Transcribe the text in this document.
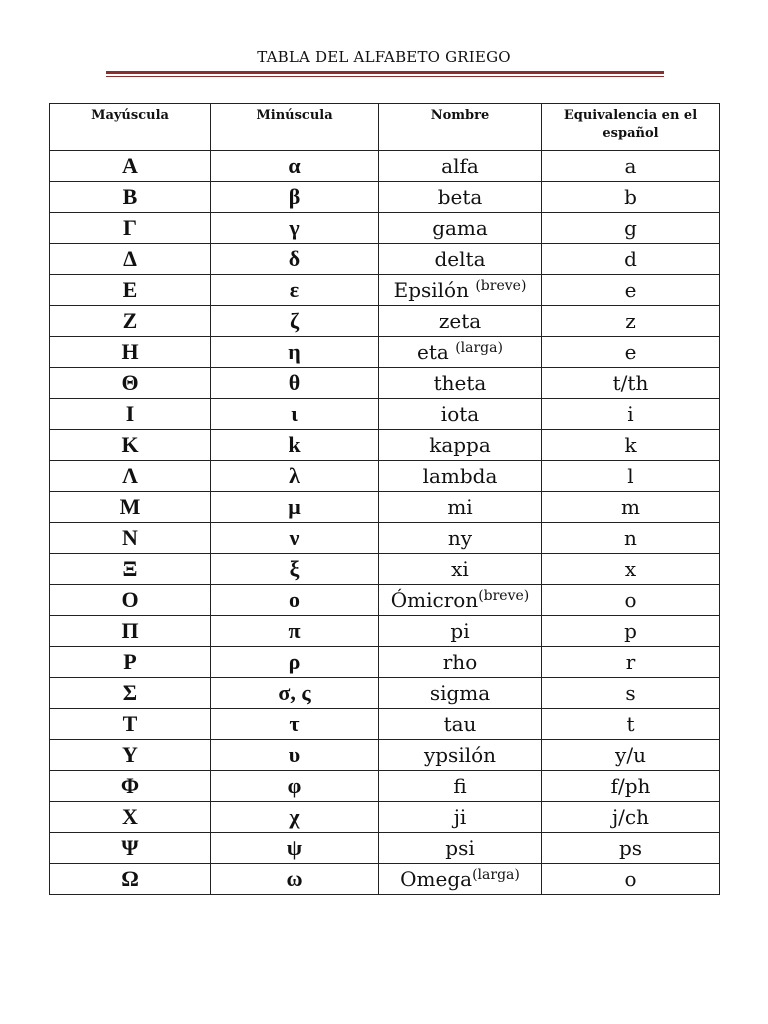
TABLA DEL ALFABETO GRIEGO
Mayúscula	Minúscula	Nombre	Equivalencia en el español
Α	α	alfa	a
Β	β	beta	b
Γ	γ	gama	g
Δ	δ	delta	d
Ε	ε	Epsilón $^{(breve)}$	e
Ζ	ζ	zeta	z
Η	η	eta $^{(larga)}$	e
Θ	θ	theta	t/th
Ι	ι	iota	i
Κ	k	kappa	k
Λ	λ	lambda	l
Μ	μ	mi	m
Ν	ν	ny	n
Ξ	ξ	xi	x
Ο	ο	Ómicron$^{(breve)}$	o
Π	π	pi	p
Ρ	ρ	rho	r
Σ	σ, ς	sigma	s
Τ	τ	tau	t
Υ	υ	ypsilón	y/u
Φ	φ	fi	f/ph
Χ	χ	ji	j/ch
Ψ	ψ	psi	ps
Ω	ω	Omega$^{(larga)}$	o
